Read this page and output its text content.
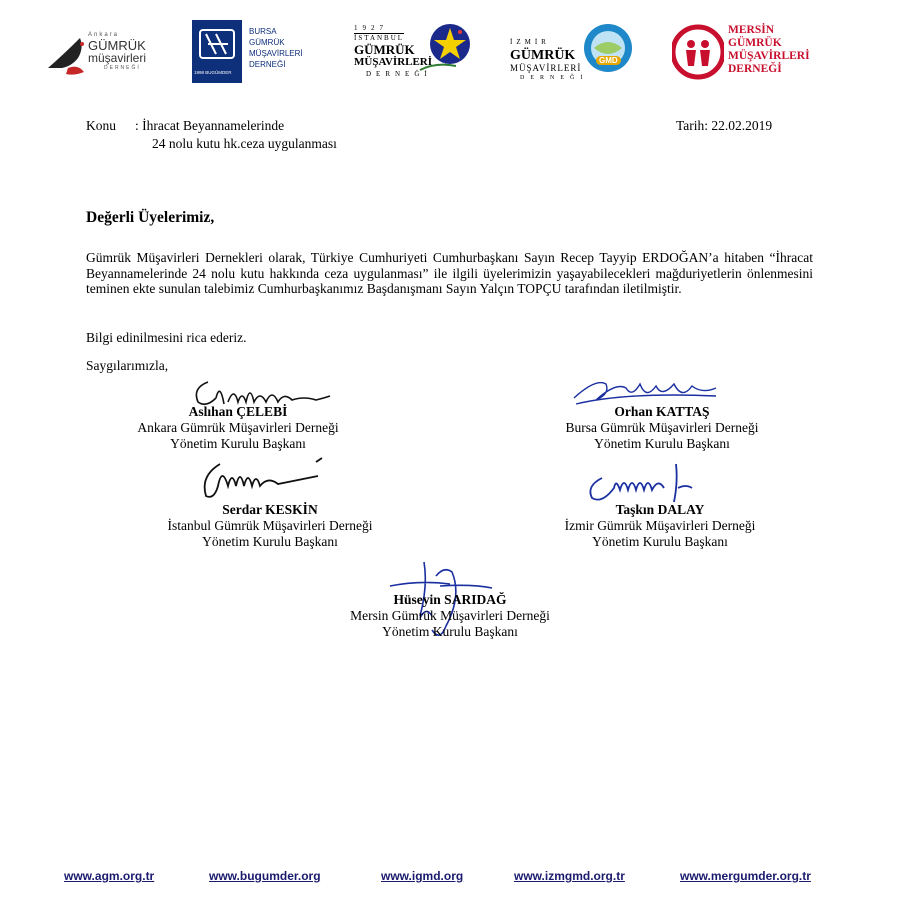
Ankara
GÜMRÜK
müşavirleri
DERNEĞİ
1998 BUGÜMDER
BURSA
GÜMRÜK
MÜŞAVİRLERİ
DERNEĞİ
1927
İSTANBUL
GÜMRÜK
MÜŞAVİRLERİ
DERNEĞİ
İZMİR
GÜMRÜK
MÜŞAVİRLERİ
DERNEĞİ
GMD
MERSİN
GÜMRÜK
MÜŞAVİRLERİ
DERNEĞİ
Konu : İhracat Beyannamelerinde
24 nolu kutu hk.ceza uygulanması
Tarih: 22.02.2019
Değerli Üyelerimiz,
Gümrük Müşavirleri Dernekleri olarak, Türkiye Cumhuriyeti Cumhurbaşkanı Sayın Recep Tayyip ERDOĞAN’a hitaben “İhracat Beyannamelerinde 24 nolu kutu hakkında ceza uygulanması” ile ilgili üyelerimizin yaşayabilecekleri mağduriyetlerin önlenmesini teminen ekte sunulan talebimiz Cumhurbaşkanımız Başdanışmanı Sayın Yalçın TOPÇU tarafından iletilmiştir.
Bilgi edinilmesini rica ederiz.
Saygılarımızla,
Aslıhan ÇELEBİ
Ankara Gümrük Müşavirleri Derneği
Yönetim Kurulu Başkanı
Orhan KATTAŞ
Bursa Gümrük Müşavirleri Derneği
Yönetim Kurulu Başkanı
Serdar KESKİN
İstanbul Gümrük Müşavirleri Derneği
Yönetim Kurulu Başkanı
Taşkın DALAY
İzmir Gümrük Müşavirleri Derneği
Yönetim Kurulu Başkanı
Hüseyin SARIDAĞ
Mersin Gümrük Müşavirleri Derneği
Yönetim Kurulu Başkanı
www.agm.org.tr	www.bugumder.org	www.igmd.org	www.izmgmd.org.tr	www.mergumder.org.tr
